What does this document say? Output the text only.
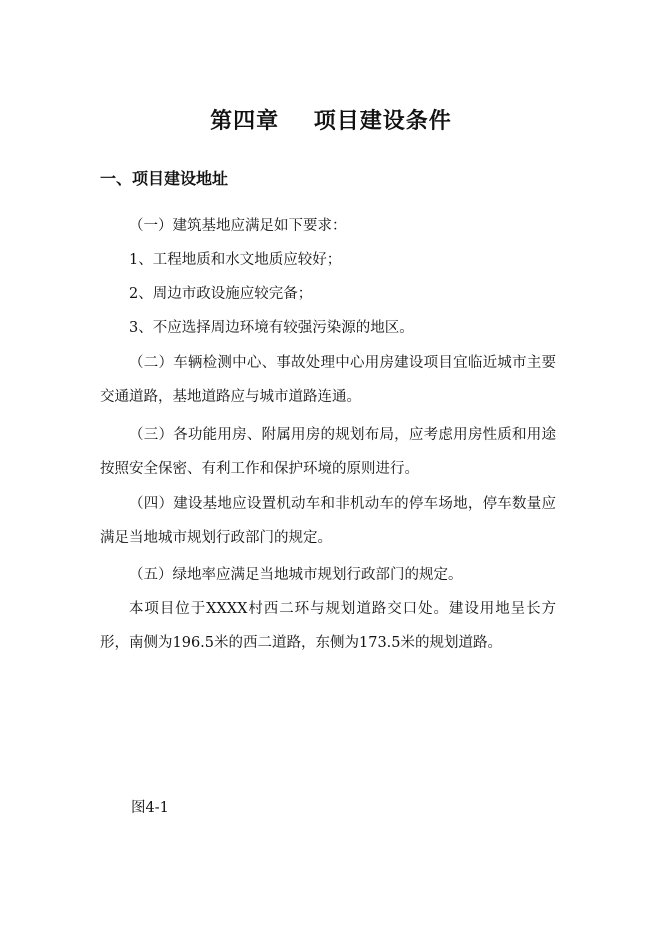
第四章    项目建设条件
一、项目建设地址

（一）建筑基地应满足如下要求：

1、工程地质和水文地质应较好；

2、周边市政设施应较完备；

3、不应选择周边环境有较强污染源的地区。

（二）车辆检测中心、事故处理中心用房建设项目宜临近城市主要交通道路，基地道路应与城市道路连通。

（三）各功能用房、附属用房的规划布局，应考虑用房性质和用途按照安全保密、有利工作和保护环境的原则进行。

（四）建设基地应设置机动车和非机动车的停车场地，停车数量应满足当地城市规划行政部门的规定。

（五）绿地率应满足当地城市规划行政部门的规定。

本项目位于XXXX村西二环与规划道路交口处。建设用地呈长方形，南侧为196.5米的西二道路，东侧为173.5米的规划道路。

图4-1
